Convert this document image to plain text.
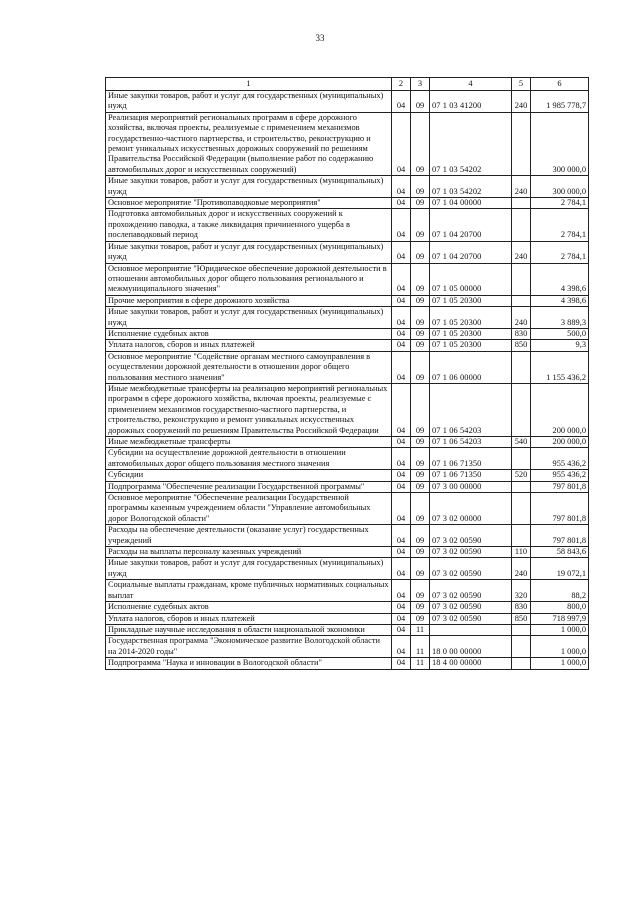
33
1	2	3	4	5	6
Иные закупки товаров, работ и услуг для государственных (муниципальных) нужд	04	09	07 1 03 41200	240	1 985 778,7
Реализация мероприятий региональных программ в сфере дорожного хозяйства, включая проекты, реализуемые с применением механизмов государственно-частного партнерства, и строительство, реконструкцию и ремонт уникальных искусственных дорожных сооружений по решениям Правительства Российской Федерации (выполнение работ по содержанию автомобильных дорог и искусственных сооружений)	04	09	07 1 03 54202		300 000,0
Иные закупки товаров, работ и услуг для государственных (муниципальных) нужд	04	09	07 1 03 54202	240	300 000,0
Основное мероприятие "Противопаводковые мероприятия"	04	09	07 1 04 00000		2 784,1
Подготовка автомобильных дорог и искусственных сооружений к прохождению паводка, а также ликвидация причиненного ущерба в послепаводковый период	04	09	07 1 04 20700		2 784,1
Иные закупки товаров, работ и услуг для государственных (муниципальных) нужд	04	09	07 1 04 20700	240	2 784,1
Основное мероприятие "Юридическое обеспечение дорожной деятельности в отношении автомобильных дорог общего пользования регионального и межмуниципального значения"	04	09	07 1 05 00000		4 398,6
Прочие мероприятия в сфере дорожного хозяйства	04	09	07 1 05 20300		4 398,6
Иные закупки товаров, работ и услуг для государственных (муниципальных) нужд	04	09	07 1 05 20300	240	3 889,3
Исполнение судебных актов	04	09	07 1 05 20300	830	500,0
Уплата налогов, сборов и иных платежей	04	09	07 1 05 20300	850	9,3
Основное мероприятие "Содействие органам местного самоуправления в осуществлении дорожной деятельности в отношении дорог общего пользования местного значения"	04	09	07 1 06 00000		1 155 436,2
Иные межбюджетные трансферты на реализацию мероприятий региональных программ в сфере дорожного хозяйства, включая проекты, реализуемые с применением механизмов государственно-частного партнерства, и строительство, реконструкцию и ремонт уникальных искусственных дорожных сооружений по решениям Правительства Российской Федерации	04	09	07 1 06 54203		200 000,0
Иные межбюджетные трансферты	04	09	07 1 06 54203	540	200 000,0
Субсидии на осуществление дорожной деятельности в отношении автомобильных дорог общего пользования местного значения	04	09	07 1 06 71350		955 436,2
Субсидии	04	09	07 1 06 71350	520	955 436,2
Подпрограмма "Обеспечение реализации Государственной программы"	04	09	07 3 00 00000		797 801,8
Основное мероприятие "Обеспечение реализации Государственной программы казенным учреждением области "Управление автомобильных дорог Вологодской области"	04	09	07 3 02 00000		797 801,8
Расходы на обеспечение деятельности (оказание услуг) государственных учреждений	04	09	07 3 02 00590		797 801,8
Расходы на выплаты персоналу казенных учреждений	04	09	07 3 02 00590	110	58 843,6
Иные закупки товаров, работ и услуг для государственных (муниципальных) нужд	04	09	07 3 02 00590	240	19 072,1
Социальные выплаты гражданам, кроме публичных нормативных социальных выплат	04	09	07 3 02 00590	320	88,2
Исполнение судебных актов	04	09	07 3 02 00590	830	800,0
Уплата налогов, сборов и иных платежей	04	09	07 3 02 00590	850	718 997,9
Прикладные научные исследования в области национальной экономики	04	11			1 000,0
Государственная программа "Экономическое развитие Вологодской области на 2014-2020 годы"	04	11	18 0 00 00000		1 000,0
Подпрограмма "Наука и инновации в Вологодской области"	04	11	18 4 00 00000		1 000,0
